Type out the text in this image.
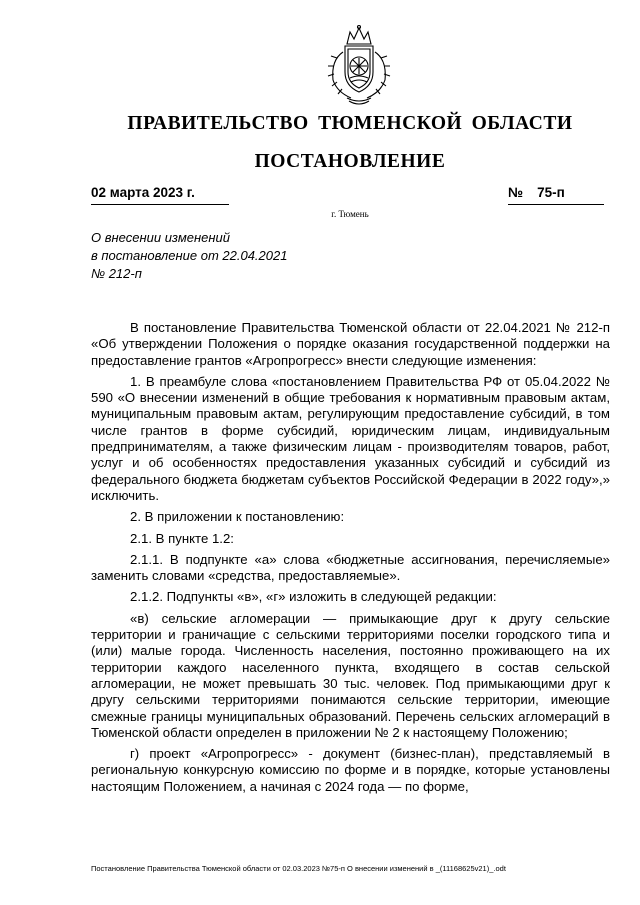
ПРАВИТЕЛЬСТВО ТЮМЕНСКОЙ ОБЛАСТИ
ПОСТАНОВЛЕНИЕ
02 марта 2023 г.	№ 75-п
г. Тюмень
О внесении изменений
в постановление от 22.04.2021
№ 212-п

В постановление Правительства Тюменской области от 22.04.2021 № 212-п «Об утверждении Положения о порядке оказания государственной поддержки на предоставление грантов «Агропрогресс» внести следующие изменения:

1. В преамбуле слова «постановлением Правительства РФ от 05.04.2022 № 590 «О внесении изменений в общие требования к нормативным правовым актам, муниципальным правовым актам, регулирующим предоставление субсидий, в том числе грантов в форме субсидий, юридическим лицам, индивидуальным предпринимателям, а также физическим лицам - производителям товаров, работ, услуг и об особенностях предоставления указанных субсидий и субсидий из федерального бюджета бюджетам субъектов Российской Федерации в 2022 году»,» исключить.

2. В приложении к постановлению:

2.1. В пункте 1.2:

2.1.1. В подпункте «а» слова «бюджетные ассигнования, перечисляемые» заменить словами «средства, предоставляемые».

2.1.2. Подпункты «в», «г» изложить в следующей редакции:

«в) сельские агломерации — примыкающие друг к другу сельские территории и граничащие с сельскими территориями поселки городского типа и (или) малые города. Численность населения, постоянно проживающего на их территории каждого населенного пункта, входящего в состав сельской агломерации, не может превышать 30 тыс. человек. Под примыкающими друг к другу сельскими территориями понимаются сельские территории, имеющие смежные границы муниципальных образований. Перечень сельских агломераций в Тюменской области определен в приложении № 2 к настоящему Положению;

г) проект «Агропрогресс» - документ (бизнес-план), представляемый в региональную конкурсную комиссию по форме и в порядке, которые установлены настоящим Положением, а начиная с 2024 года — по форме,

Постановление Правительства Тюменской области от 02.03.2023 №75-п О внесении изменений в _(11168625v21)_.odt
